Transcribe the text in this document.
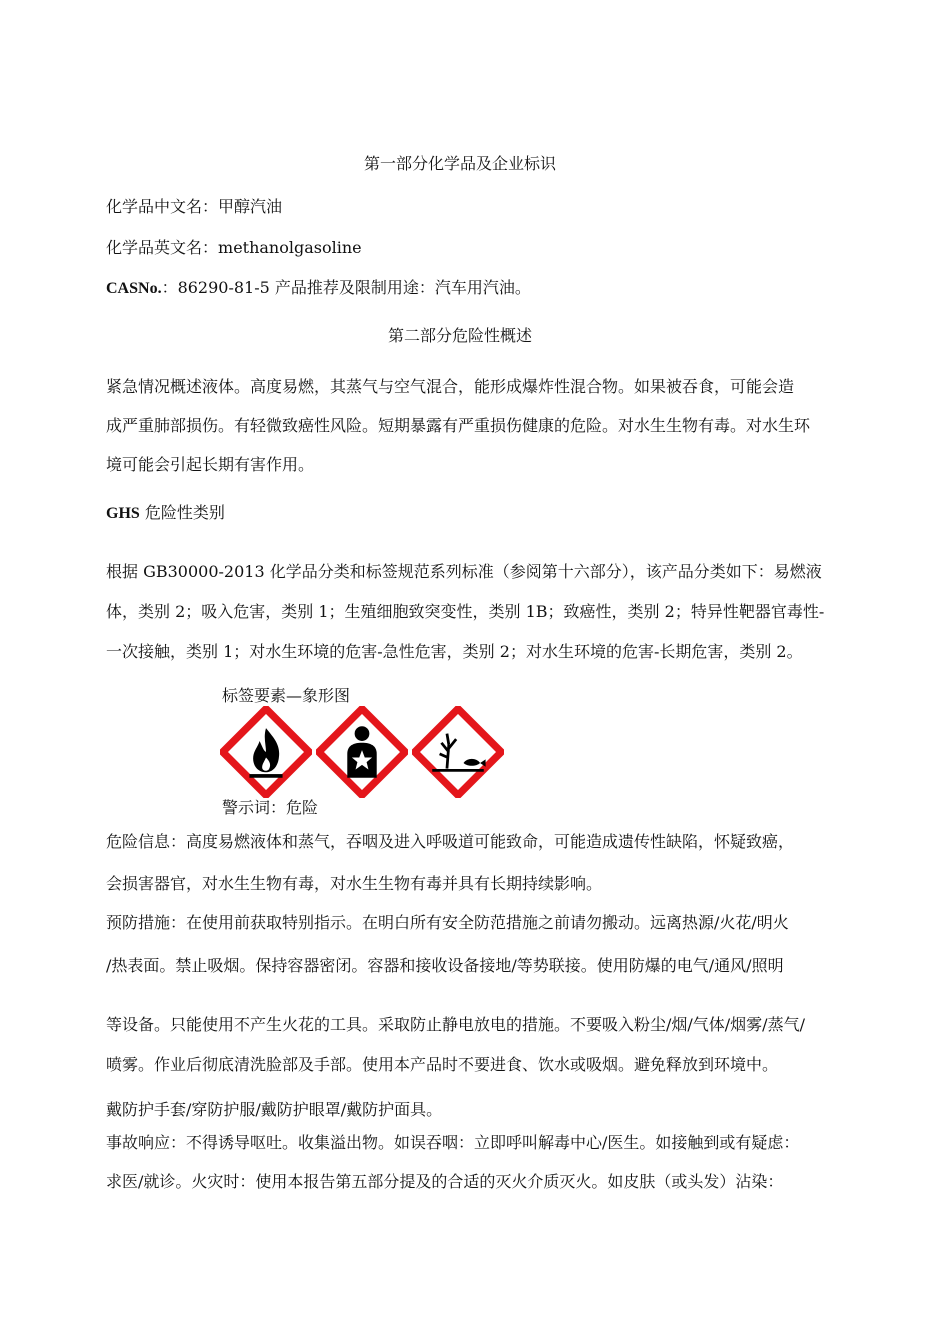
第一部分化学品及企业标识
化学品中文名：甲醇汽油
化学品英文名：methanolgasoline
CASNo.：86290-81-5 产品推荐及限制用途：汽车用汽油。
第二部分危险性概述
紧急情况概述液体。高度易燃，其蒸气与空气混合，能形成爆炸性混合物。如果被吞食，可能会造
成严重肺部损伤。有轻微致癌性风险。短期暴露有严重损伤健康的危险。对水生生物有毒。对水生环
境可能会引起长期有害作用。
GHS 危险性类别
根据 GB30000-2013 化学品分类和标签规范系列标准（参阅第十六部分），该产品分类如下：易燃液
体，类别 2；吸入危害，类别 1；生殖细胞致突变性，类别 1B；致癌性，类别 2；特异性靶器官毒性-
一次接触，类别 1；对水生环境的危害-急性危害，类别 2；对水生环境的危害-长期危害，类别 2。
标签要素—象形图
警示词：危险
危险信息：高度易燃液体和蒸气，吞咽及进入呼吸道可能致命，可能造成遗传性缺陷，怀疑致癌，
会损害器官，对水生生物有毒，对水生生物有毒并具有长期持续影响。
预防措施：在使用前获取特别指示。在明白所有安全防范措施之前请勿搬动。远离热源/火花/明火
/热表面。禁止吸烟。保持容器密闭。容器和接收设备接地/等势联接。使用防爆的电气/通风/照明
等设备。只能使用不产生火花的工具。采取防止静电放电的措施。不要吸入粉尘/烟/气体/烟雾/蒸气/
喷雾。作业后彻底清洗脸部及手部。使用本产品时不要进食、饮水或吸烟。避免释放到环境中。
戴防护手套/穿防护服/戴防护眼罩/戴防护面具。
事故响应：不得诱导呕吐。收集溢出物。如误吞咽：立即呼叫解毒中心/医生。如接触到或有疑虑：
求医/就诊。火灾时：使用本报告第五部分提及的合适的灭火介质灭火。如皮肤（或头发）沾染：
